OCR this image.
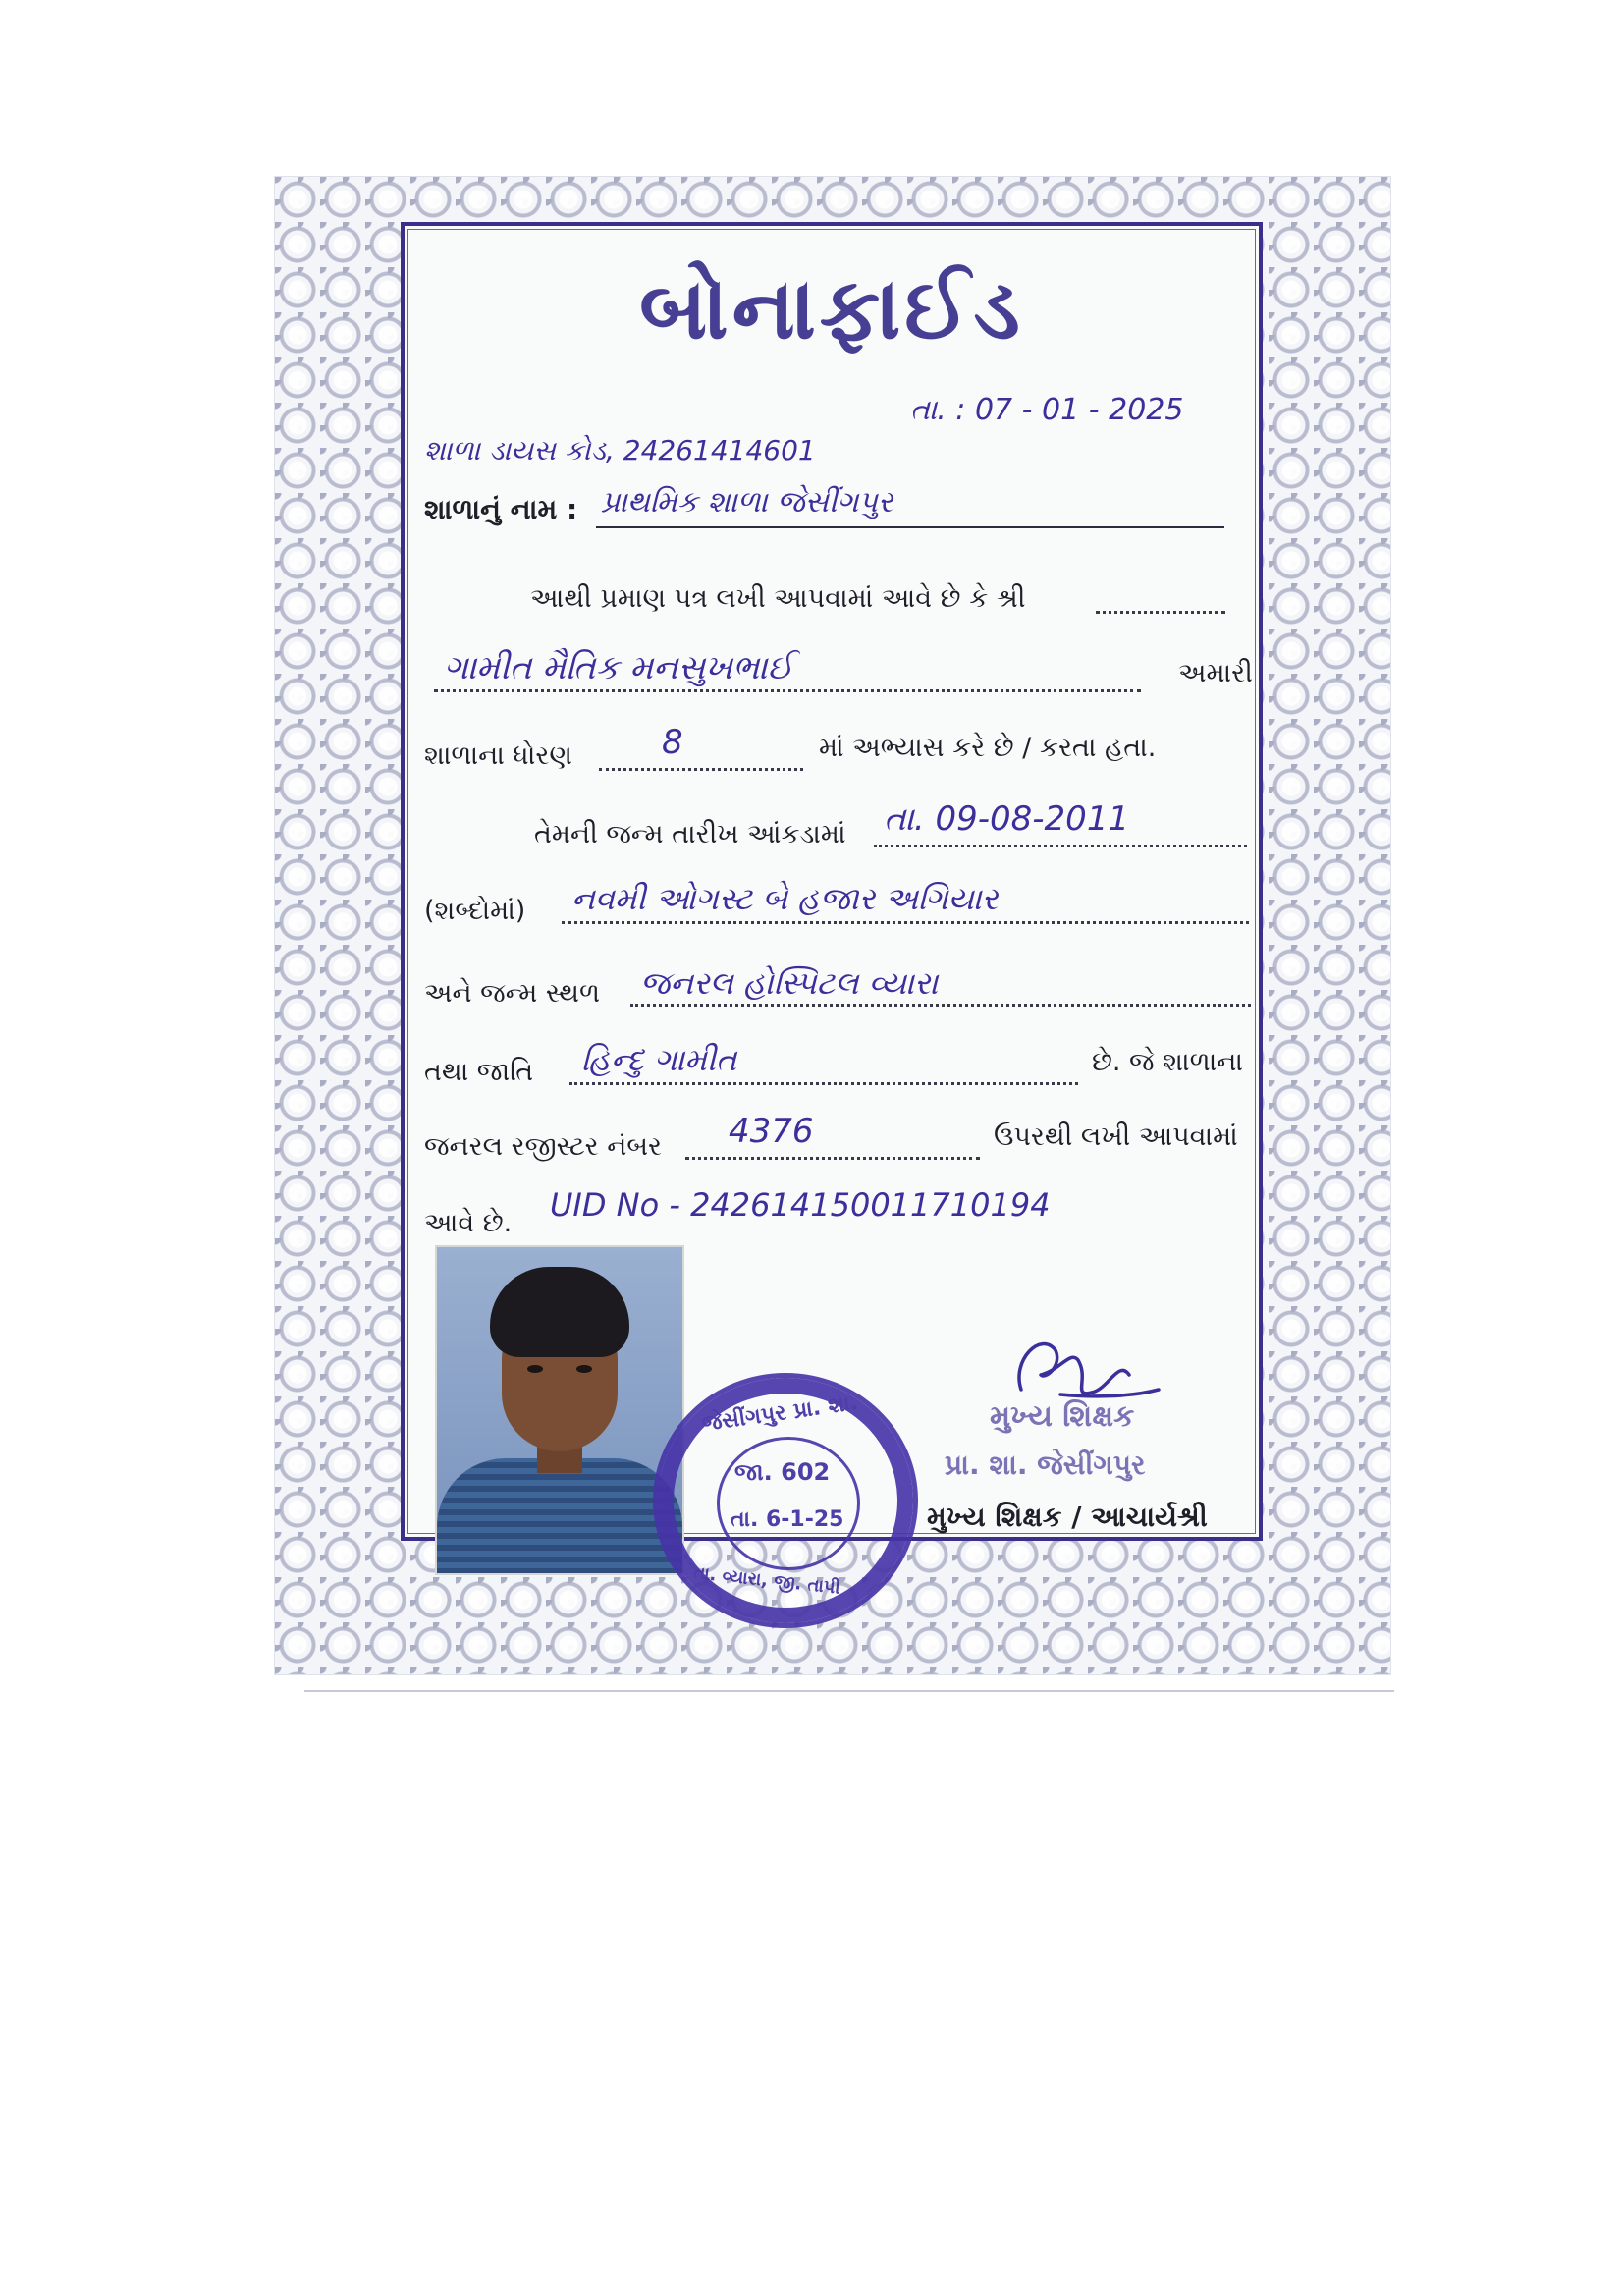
બોનાફાઈડ
તા. : 07 - 01 - 2025
શાળા ડાયસ કોડ, 24261414601
શાળાનું નામ : પ્રાથમિક શાળા જેસીંગપુર
આથી પ્રમાણ પત્ર લખી આપવામાં આવે છે કે શ્રી
ગામીત મૈતિક મનસુખભાઈ	અમારી
શાળાના ધોરણ	8	માં અભ્યાસ કરે છે / કરતા હતા.
તેમની જન્મ તારીખ આંકડામાં તા. 09-08-2011
(શબ્દોમાં) નવમી ઓગસ્ટ બે હજાર અગિયાર
અને જન્મ સ્થળ જનરલ હોસ્પિટલ વ્યારા
તથા જાતિ હિન્દુ ગામીત	છે. જે શાળાના
જનરલ રજીસ્ટર નંબર 4376	ઉપરથી લખી આપવામાં
આવે છે. UID No - 242614150011710194
મુખ્ય શિક્ષક / આચાર્યશ્રી
મુખ્ય શિક્ષક
પ્રા. શા. જેસીંગપુર
જેસીંગપુર પ્રા. શા.
જા. 602
તા. 6-1-25
તા. વ્યારા, જી. તાપી
